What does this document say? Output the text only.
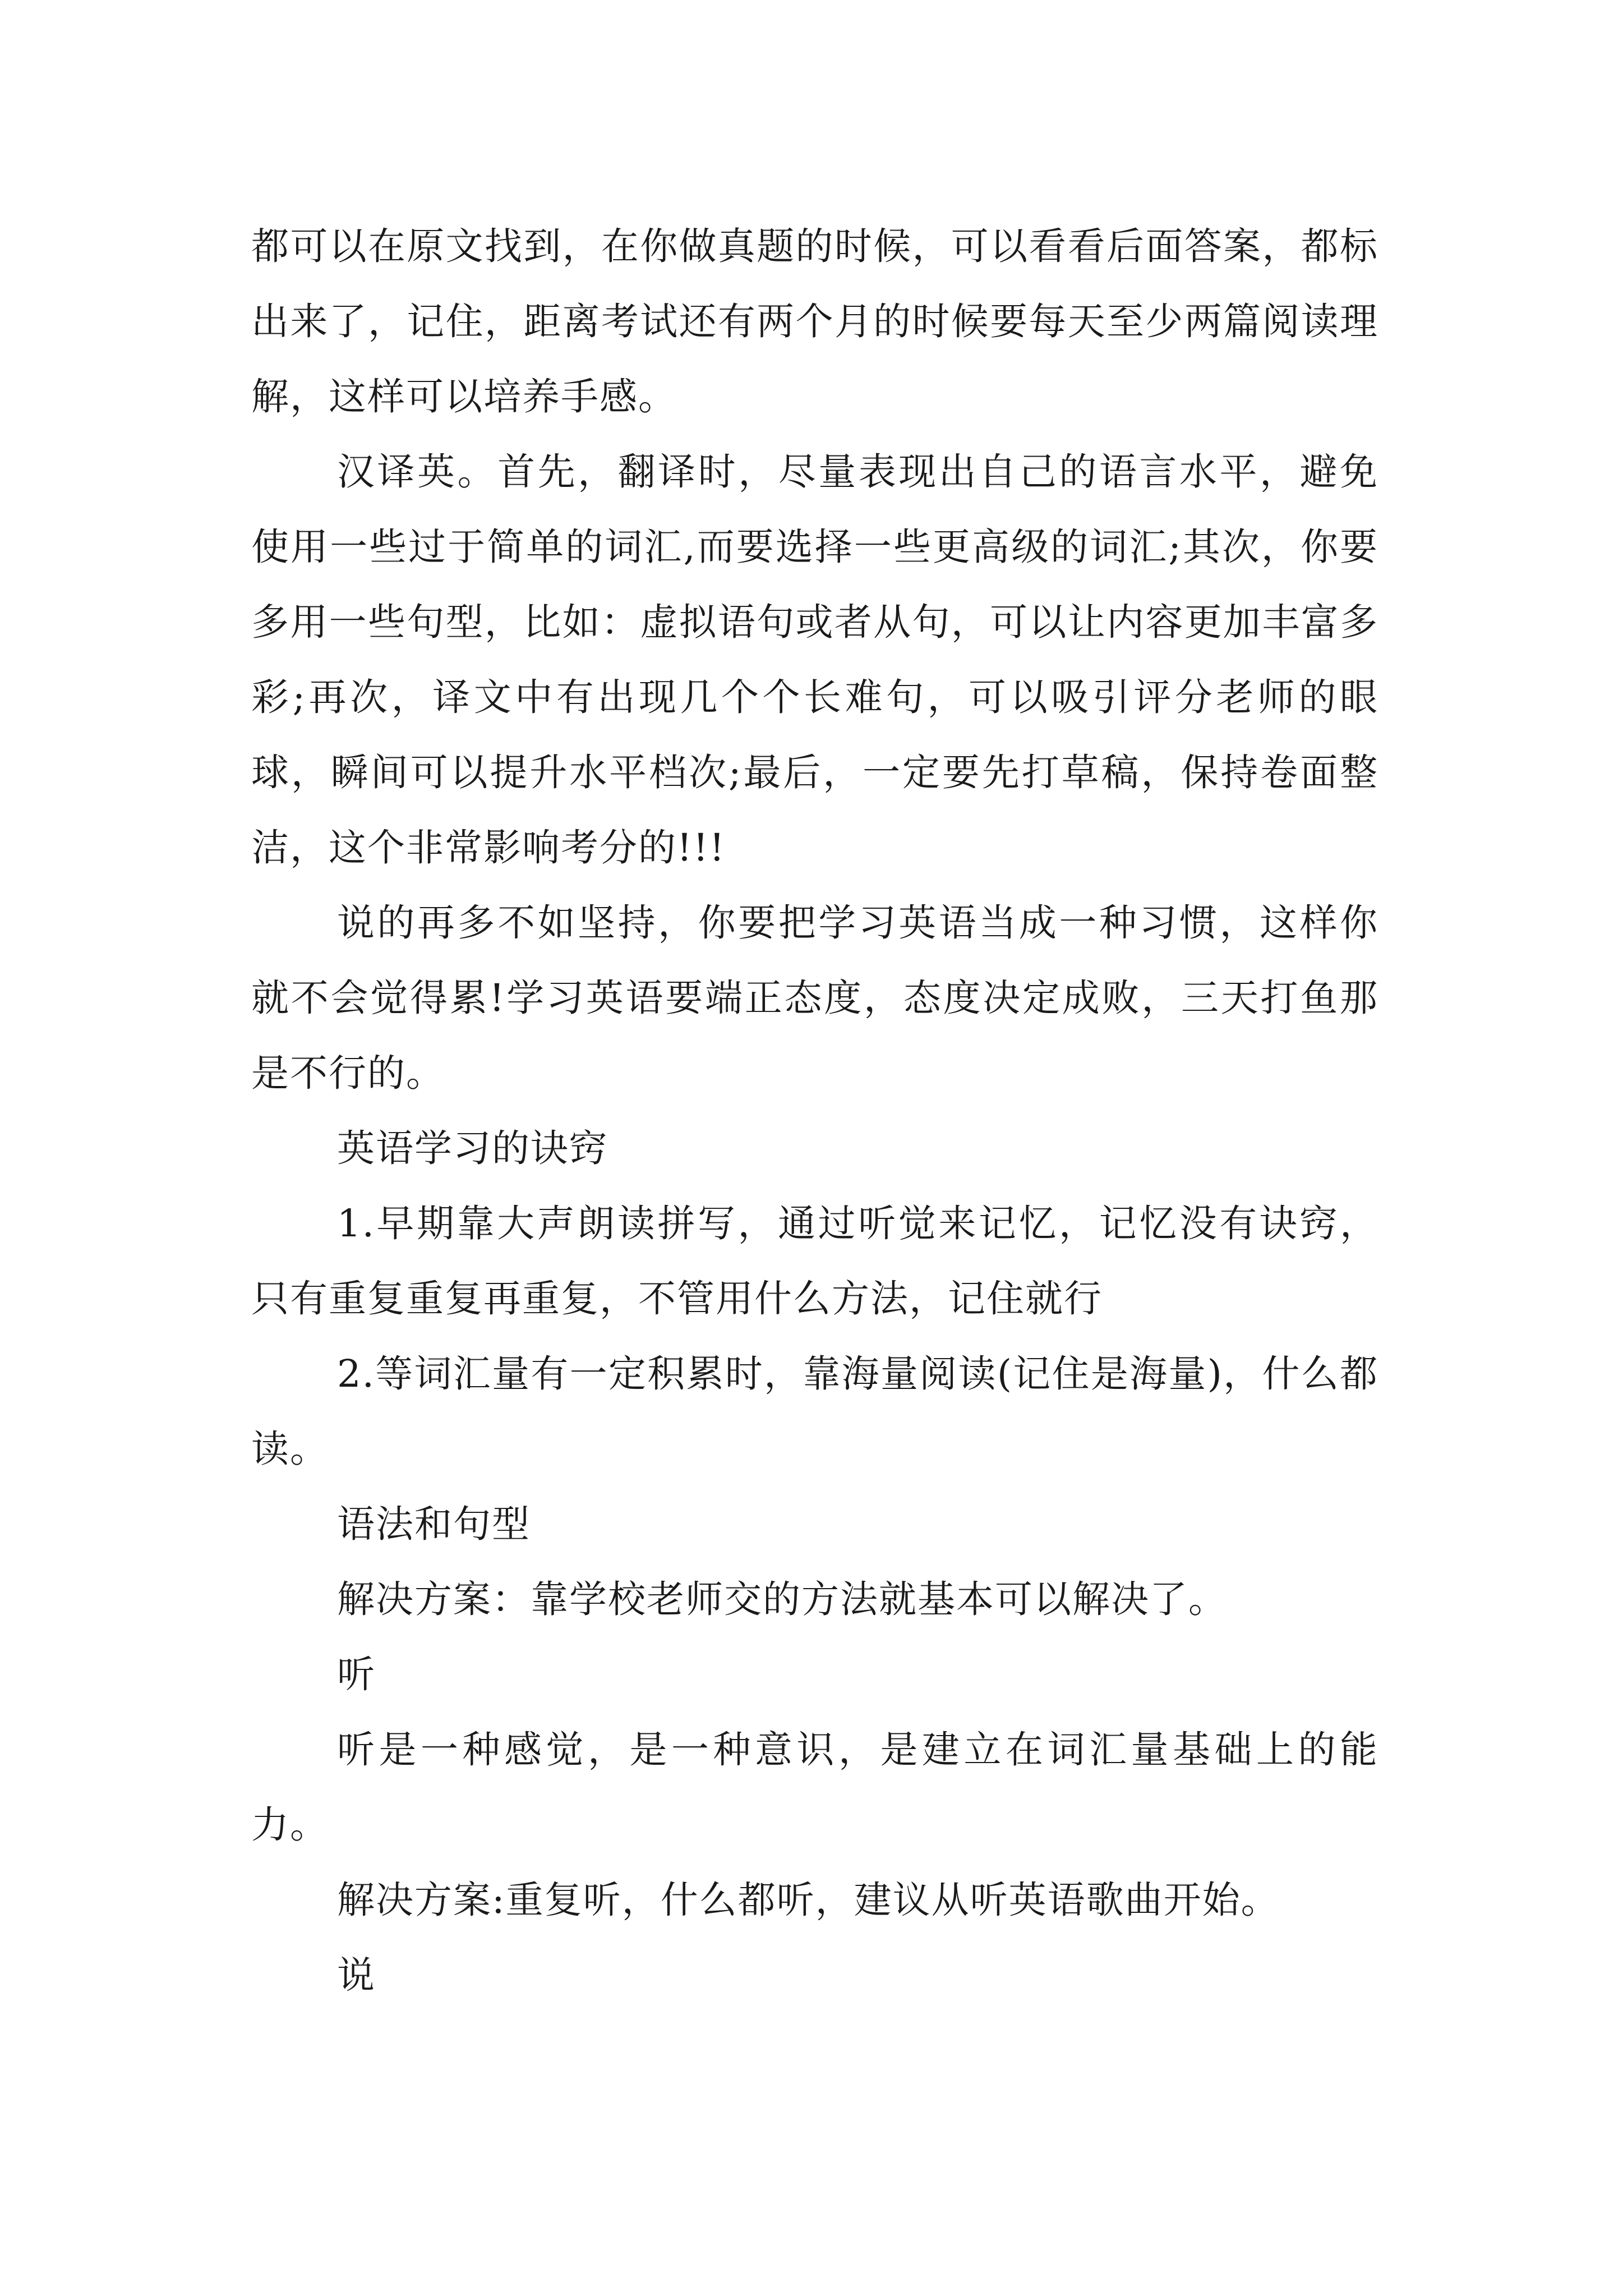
都可以在原文找到，在你做真题的时候，可以看看后面答案，都标出来了，记住，距离考试还有两个月的时候要每天至少两篇阅读理解，这样可以培养手感。

汉译英。首先，翻译时，尽量表现出自己的语言水平，避免使用一些过于简单的词汇,而要选择一些更高级的词汇;其次，你要多用一些句型，比如：虚拟语句或者从句，可以让内容更加丰富多彩;再次，译文中有出现几个个长难句，可以吸引评分老师的眼球，瞬间可以提升水平档次;最后，一定要先打草稿，保持卷面整洁，这个非常影响考分的!!!

说的再多不如坚持，你要把学习英语当成一种习惯，这样你就不会觉得累!学习英语要端正态度，态度决定成败，三天打鱼那是不行的。

英语学习的诀窍

1.早期靠大声朗读拼写，通过听觉来记忆，记忆没有诀窍，只有重复重复再重复，不管用什么方法，记住就行

2.等词汇量有一定积累时，靠海量阅读(记住是海量)，什么都读。

语法和句型

解决方案：靠学校老师交的方法就基本可以解决了。

听

听是一种感觉，是一种意识，是建立在词汇量基础上的能力。

解决方案:重复听，什么都听，建议从听英语歌曲开始。

说
